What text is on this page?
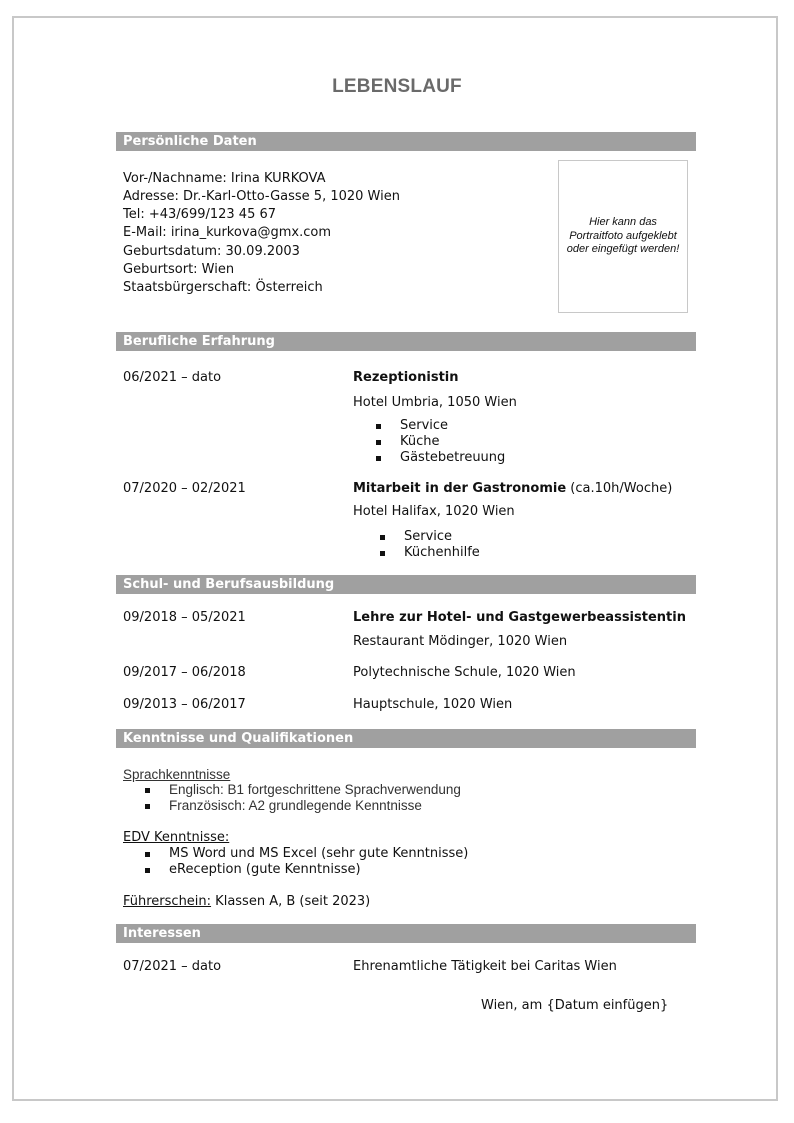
LEBENSLAUF
Persönliche Daten
Vor-/Nachname: Irina KURKOVA
Adresse: Dr.-Karl-Otto-Gasse 5, 1020 Wien
Tel: +43/699/123 45 67
E-Mail: irina_kurkova@gmx.com
Geburtsdatum: 30.09.2003
Geburtsort: Wien
Staatsbürgerschaft: Österreich
Hier kann das Portraitfoto aufgeklebt oder eingefügt werden!
Berufliche Erfahrung
06/2021 – dato	Rezeptionistin
Hotel Umbria, 1050 Wien
Service
Küche
Gästebetreuung
07/2020 – 02/2021	Mitarbeit in der Gastronomie (ca.10h/Woche)
Hotel Halifax, 1020 Wien
Service
Küchenhilfe
Schul- und Berufsausbildung
09/2018 – 05/2021	Lehre zur Hotel- und Gastgewerbeassistentin
Restaurant Mödinger, 1020 Wien
09/2017 – 06/2018	Polytechnische Schule, 1020 Wien
09/2013 – 06/2017	Hauptschule, 1020 Wien
Kenntnisse und Qualifikationen
Sprachkenntnisse
Englisch: B1 fortgeschrittene Sprachverwendung
Französisch: A2 grundlegende Kenntnisse
EDV Kenntnisse:
MS Word und MS Excel (sehr gute Kenntnisse)
eReception (gute Kenntnisse)
Führerschein: Klassen A, B (seit 2023)
Interessen
07/2021 – dato	Ehrenamtliche Tätigkeit bei Caritas Wien
Wien, am {Datum einfügen}
